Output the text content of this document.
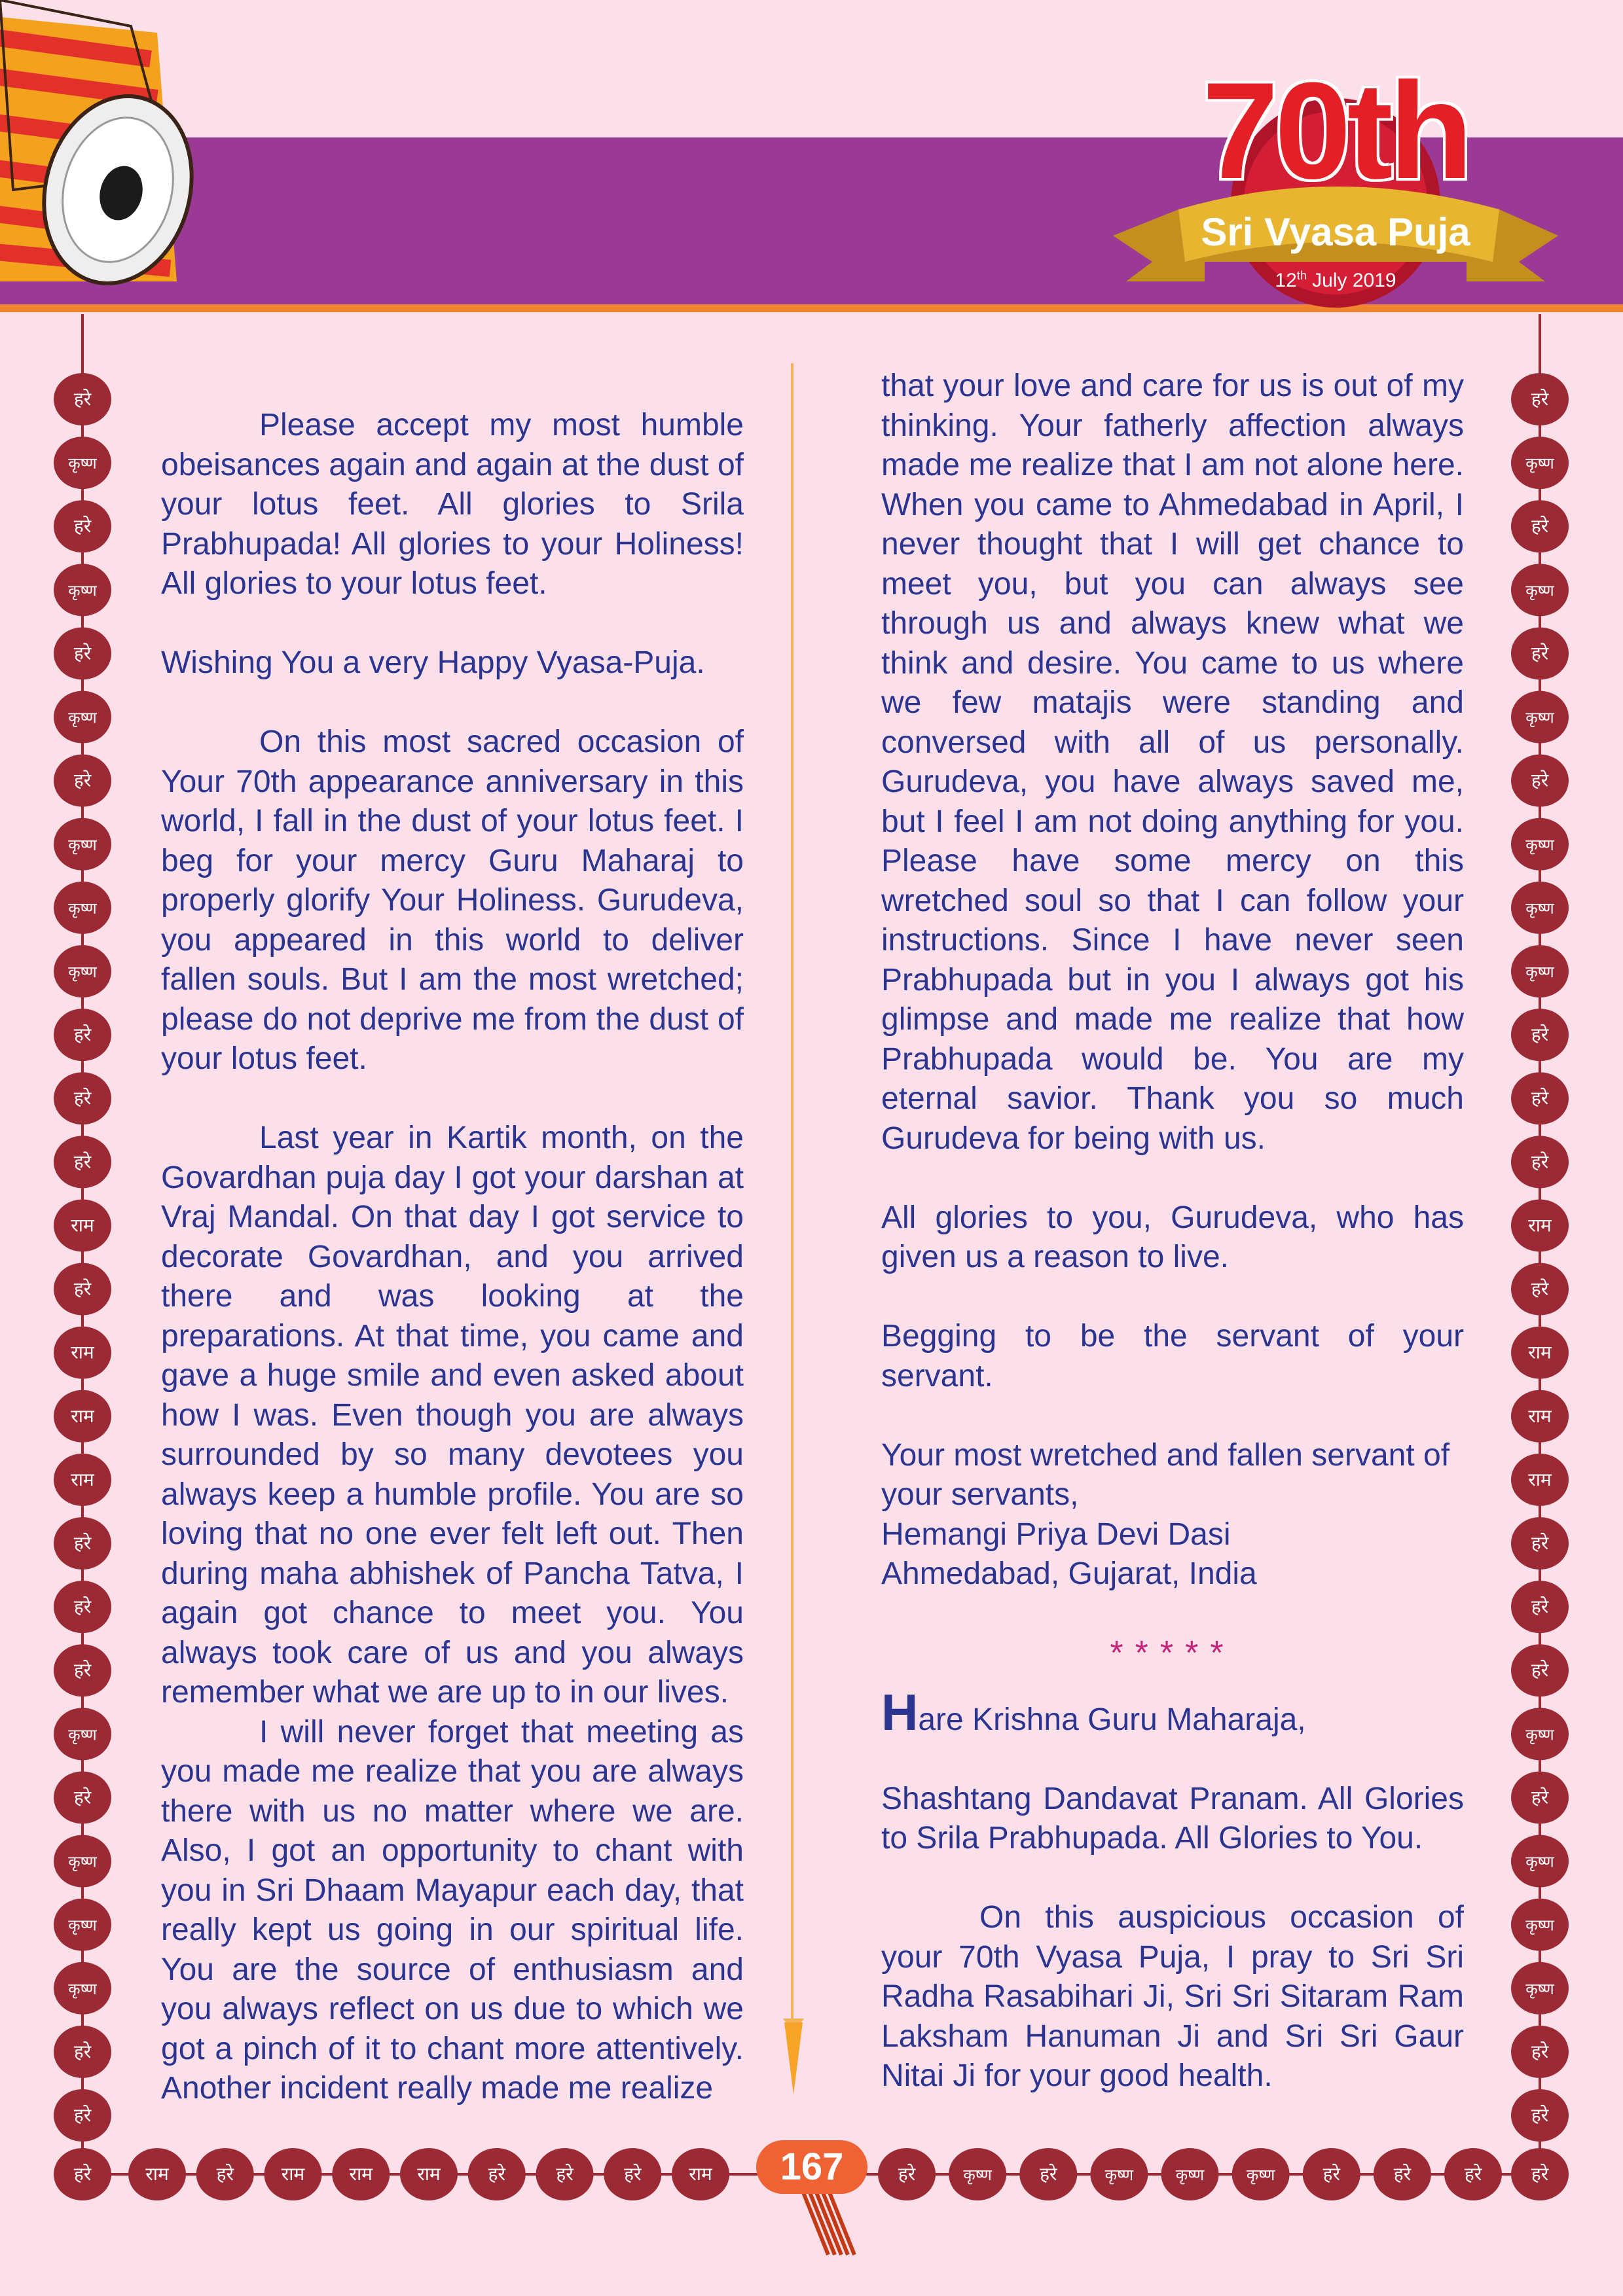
70th
Sri Vyasa Puja
12th July 2019
हरे
कृष्ण
हरे
कृष्ण
हरे
कृष्ण
हरे
कृष्ण
कृष्ण
कृष्ण
हरे
हरे
हरे
राम
हरे
राम
राम
राम
हरे
हरे
हरे
कृष्ण
हरे
कृष्ण
कृष्ण
कृष्ण
हरे
हरे
हरे
कृष्ण
हरे
कृष्ण
हरे
कृष्ण
हरे
कृष्ण
कृष्ण
कृष्ण
हरे
हरे
हरे
राम
हरे
राम
राम
राम
हरे
हरे
हरे
कृष्ण
हरे
कृष्ण
कृष्ण
कृष्ण
हरे
हरे
हरे	हरे
राम	हरे	राम राम राम	हरे	हरे	हरे	राम	हरे	कृष्ण	हरे	कृष्ण	कृष्ण	कृष्ण	हरे	हरे	हरे

Please accept my most humble obeisances again and again at the dust of your lotus feet. All glories to Srila Prabhupada! All glories to your Holiness! All glories to your lotus feet.

Wishing You a very Happy Vyasa-Puja.

On this most sacred occasion of Your 70th appearance anniversary in this world, I fall in the dust of your lotus feet. I beg for your mercy Guru Maharaj to properly glorify Your Holiness. Gurudeva, you appeared in this world to deliver fallen souls. But I am the most wretched; please do not deprive me from the dust of your lotus feet.

Last year in Kartik month, on the Govardhan puja day I got your darshan at Vraj Mandal. On that day I got service to decorate Govardhan, and you arrived there and was looking at the preparations. At that time, you came and gave a huge smile and even asked about how I was. Even though you are always surrounded by so many devotees you always keep a humble profile. You are so loving that no one ever felt left out. Then during maha abhishek of Pancha Tatva, I again got chance to meet you. You always took care of us and you always remember what we are up to in our lives.

I will never forget that meeting as you made me realize that you are always there with us no matter where we are. Also, I got an opportunity to chant with you in Sri Dhaam Mayapur each day, that really kept us going in our spiritual life. You are the source of enthusiasm and you always reflect on us due to which we got a pinch of it to chant more attentively. Another incident really made me realize

that your love and care for us is out of my thinking. Your fatherly affection always made me realize that I am not alone here. When you came to Ahmedabad in April, I never thought that I will get chance to meet you, but you can always see through us and always knew what we think and desire. You came to us where we few matajis were standing and conversed with all of us personally. Gurudeva, you have always saved me, but I feel I am not doing anything for you. Please have some mercy on this wretched soul so that I can follow your instructions. Since I have never seen Prabhupada but in you I always got his glimpse and made me realize that how Prabhupada would be. You are my eternal savior. Thank you so much Gurudeva for being with us.

All glories to you, Gurudeva, who has given us a reason to live.

Begging to be the servant of your servant.

Your most wretched and fallen servant of your servants,

Hemangi Priya Devi Dasi

Ahmedabad, Gujarat, India

*****

Hare Krishna Guru Maharaja,

Shashtang Dandavat Pranam. All Glories to Srila Prabhupada. All Glories to You.

On this auspicious occasion of your 70th Vyasa Puja, I pray to Sri Sri Radha Rasabihari Ji, Sri Sri Sitaram Ram Laksham Hanuman Ji and Sri Sri Gaur Nitai Ji for your good health.

167
